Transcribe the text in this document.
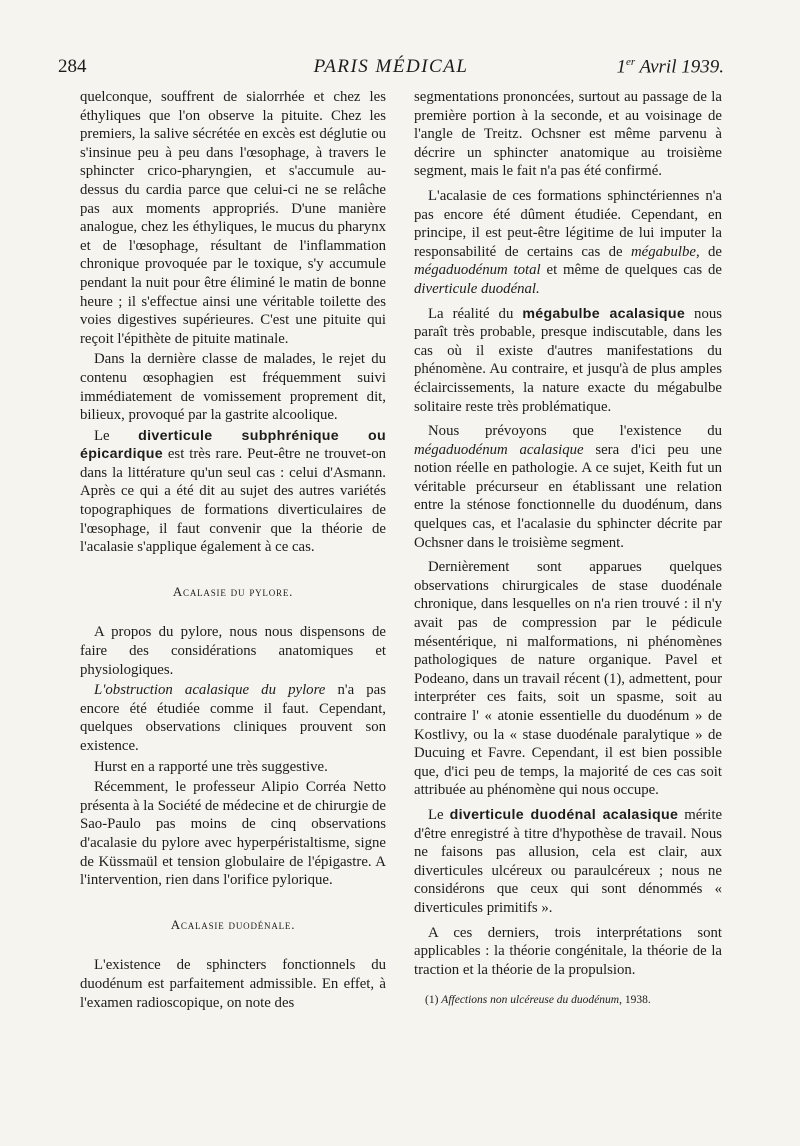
284	PARIS MÉDICAL	1er Avril 1939.

quelconque, souffrent de sialorrhée et chez les éthyliques que l'on observe la pituite. Chez les premiers, la salive sécrétée en excès est déglutie ou s'insinue peu à peu dans l'œsophage, à travers le sphincter crico-pharyngien, et s'accumule au-dessus du cardia parce que celui-ci ne se relâche pas aux moments appropriés. D'une manière analogue, chez les éthyliques, le mucus du pharynx et de l'œsophage, résultant de l'inflammation chronique provoquée par le toxique, s'y accumule pendant la nuit pour être éliminé le matin de bonne heure ; il s'effectue ainsi une véritable toilette des voies digestives supérieures. C'est une pituite qui reçoit l'épithète de pituite matinale.

Dans la dernière classe de malades, le rejet du contenu œsophagien est fréquemment suivi immédiatement de vomissement proprement dit, bilieux, provoqué par la gastrite alcoolique.

Le diverticule subphrénique ou épicardique est très rare. Peut-être ne trouvet-on dans la littérature qu'un seul cas : celui d'Asmann. Après ce qui a été dit au sujet des autres variétés topographiques de formations diverticulaires de l'œsophage, il faut convenir que la théorie de l'acalasie s'applique également à ce cas.

Acalasie du pylore.

A propos du pylore, nous nous dispensons de faire des considérations anatomiques et physiologiques.

L'obstruction acalasique du pylore n'a pas encore été étudiée comme il faut. Cependant, quelques observations cliniques prouvent son existence.

Hurst en a rapporté une très suggestive.

Récemment, le professeur Alipio Corréa Netto présenta à la Société de médecine et de chirurgie de Sao-Paulo pas moins de cinq observations d'acalasie du pylore avec hyperpéristaltisme, signe de Küssmaül et tension globulaire de l'épigastre. A l'intervention, rien dans l'orifice pylorique.

Acalasie duodénale.

L'existence de sphincters fonctionnels du duodénum est parfaitement admissible. En effet, à l'examen radioscopique, on note des

segmentations prononcées, surtout au passage de la première portion à la seconde, et au voisinage de l'angle de Treitz. Ochsner est même parvenu à décrire un sphincter anatomique au troisième segment, mais le fait n'a pas été confirmé.

L'acalasie de ces formations sphinctériennes n'a pas encore été dûment étudiée. Cependant, en principe, il est peut-être légitime de lui imputer la responsabilité de certains cas de mégabulbe, de mégaduodénum total et même de quelques cas de diverticule duodénal.

La réalité du mégabulbe acalasique nous paraît très probable, presque indiscutable, dans les cas où il existe d'autres manifestations du phénomène. Au contraire, et jusqu'à de plus amples éclaircissements, la nature exacte du mégabulbe solitaire reste très problématique.

Nous prévoyons que l'existence du mégaduodénum acalasique sera d'ici peu une notion réelle en pathologie. A ce sujet, Keith fut un véritable précurseur en établissant une relation entre la sténose fonctionnelle du duodénum, dans quelques cas, et l'acalasie du sphincter décrite par Ochsner dans le troisième segment.

Dernièrement sont apparues quelques observations chirurgicales de stase duodénale chronique, dans lesquelles on n'a rien trouvé : il n'y avait pas de compression par le pédicule mésentérique, ni malformations, ni phénomènes pathologiques de nature organique. Pavel et Podeano, dans un travail récent (1), admettent, pour interpréter ces faits, soit un spasme, soit au contraire l' « atonie essentielle du duodénum » de Kostlivy, ou la « stase duodénale paralytique » de Ducuing et Favre. Cependant, il est bien possible que, d'ici peu de temps, la majorité de ces cas soit attribuée au phénomène qui nous occupe.

Le diverticule duodénal acalasique mérite d'être enregistré à titre d'hypothèse de travail. Nous ne faisons pas allusion, cela est clair, aux diverticules ulcéreux ou paraulcéreux ; nous ne considérons que ceux qui sont dénommés « diverticules primitifs ».

A ces derniers, trois interprétations sont applicables : la théorie congénitale, la théorie de la traction et la théorie de la propulsion.

(1) Affections non ulcéreuse du duodénum, 1938.
